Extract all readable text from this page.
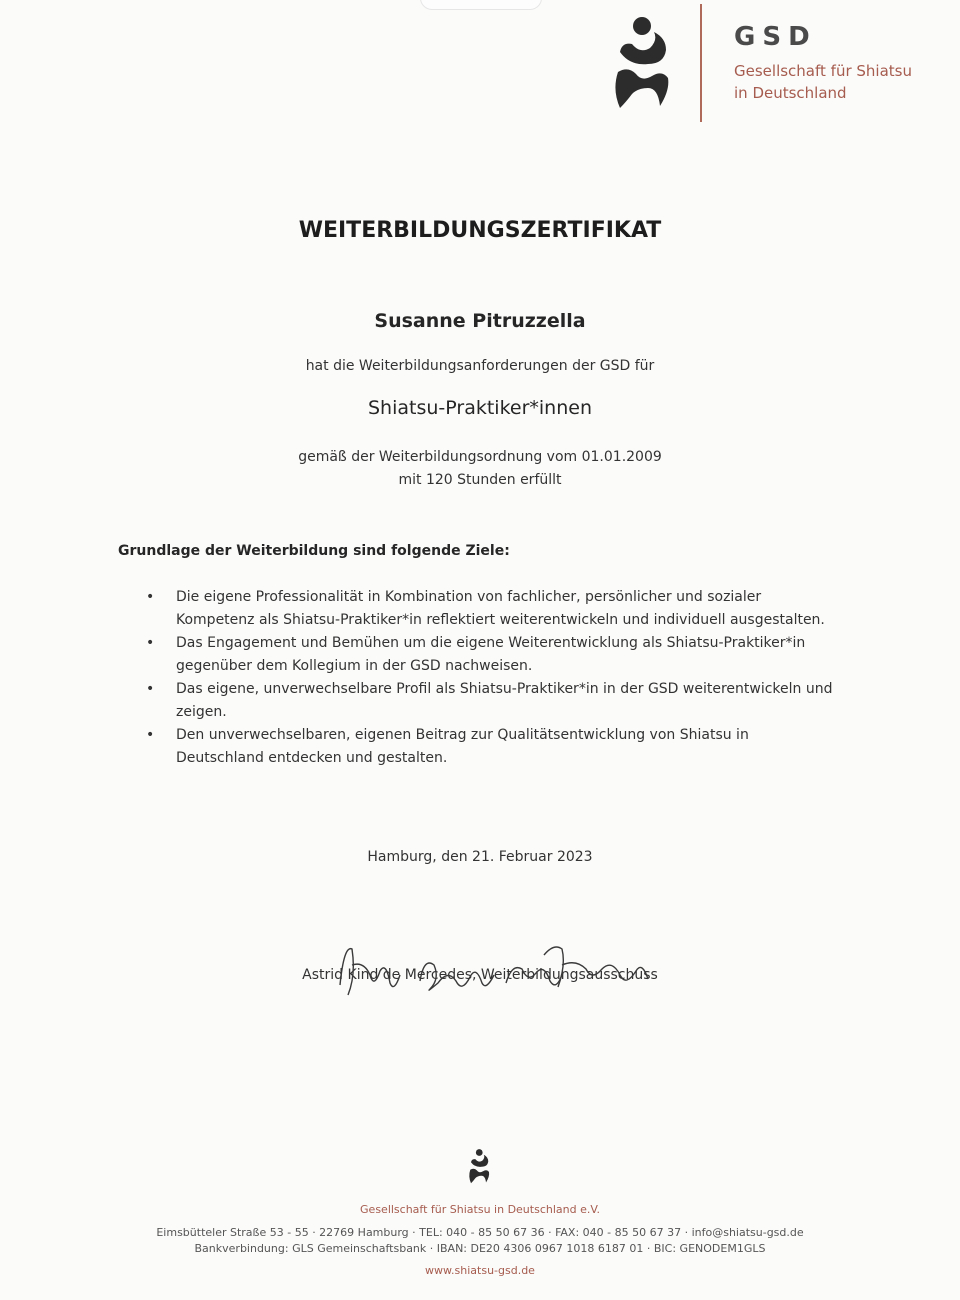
GSD
Gesellschaft für Shiatsu
in Deutschland
WEITERBILDUNGSZERTIFIKAT
Susanne Pitruzzella
hat die Weiterbildungsanforderungen der GSD für
Shiatsu-Praktiker*innen
gemäß der Weiterbildungsordnung vom 01.01.2009
mit 120 Stunden erfüllt
Grundlage der Weiterbildung sind folgende Ziele:
• Die eigene Professionalität in Kombination von fachlicher, persönlicher und sozialer Kompetenz als Shiatsu-Praktiker*in reflektiert weiterentwickeln und individuell ausgestalten.
• Das Engagement und Bemühen um die eigene Weiterentwicklung als Shiatsu-Praktiker*in gegenüber dem Kollegium in der GSD nachweisen.
• Das eigene, unverwechselbare Profil als Shiatsu-Praktiker*in in der GSD weiterentwickeln und zeigen.
• Den unverwechselbaren, eigenen Beitrag zur Qualitätsentwicklung von Shiatsu in Deutschland entdecken und gestalten.
Hamburg, den 21. Februar 2023
Astrid Kind de Mercedes, Weiterbildungsausschuss
Gesellschaft für Shiatsu in Deutschland e.V.
Eimsbütteler Straße 53 - 55 · 22769 Hamburg · TEL: 040 - 85 50 67 36 · FAX: 040 - 85 50 67 37 · info@shiatsu-gsd.de
Bankverbindung: GLS Gemeinschaftsbank · IBAN: DE20 4306 0967 1018 6187 01 · BIC: GENODEM1GLS
www.shiatsu-gsd.de
